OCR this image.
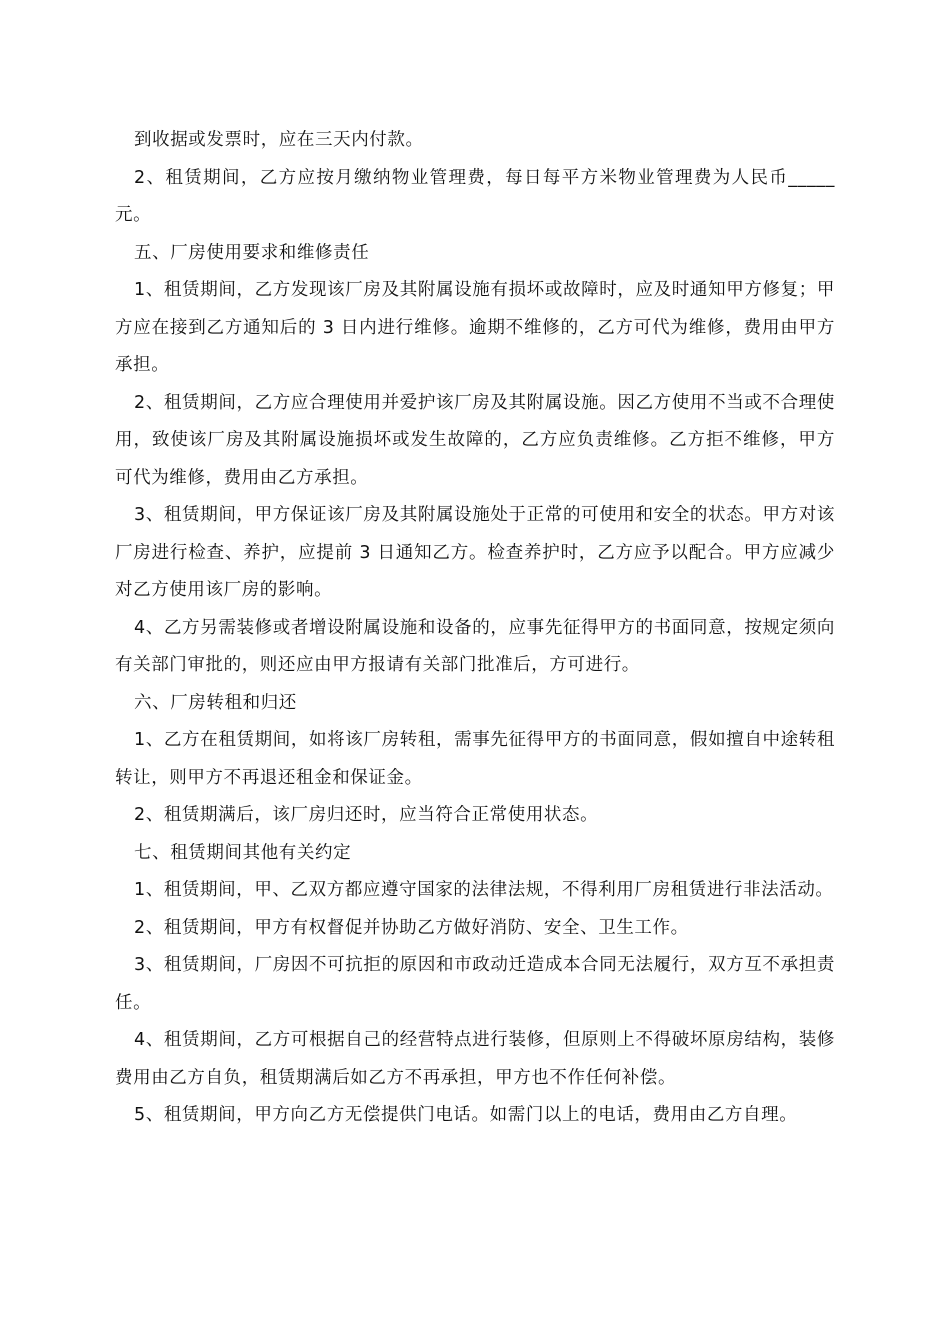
到收据或发票时，应在三天内付款。

2、租赁期间，乙方应按月缴纳物业管理费，每日每平方米物业管理费为人民币_____元。

五、厂房使用要求和维修责任

1、租赁期间，乙方发现该厂房及其附属设施有损坏或故障时，应及时通知甲方修复；甲方应在接到乙方通知后的 3 日内进行维修。逾期不维修的，乙方可代为维修，费用由甲方承担。

2、租赁期间，乙方应合理使用并爱护该厂房及其附属设施。因乙方使用不当或不合理使用，致使该厂房及其附属设施损坏或发生故障的，乙方应负责维修。乙方拒不维修，甲方可代为维修，费用由乙方承担。

3、租赁期间，甲方保证该厂房及其附属设施处于正常的可使用和安全的状态。甲方对该厂房进行检查、养护，应提前 3 日通知乙方。检查养护时，乙方应予以配合。甲方应减少对乙方使用该厂房的影响。

4、乙方另需装修或者增设附属设施和设备的，应事先征得甲方的书面同意，按规定须向有关部门审批的，则还应由甲方报请有关部门批准后，方可进行。

六、厂房转租和归还

1、乙方在租赁期间，如将该厂房转租，需事先征得甲方的书面同意，假如擅自中途转租转让，则甲方不再退还租金和保证金。

2、租赁期满后，该厂房归还时，应当符合正常使用状态。

七、租赁期间其他有关约定

1、租赁期间，甲、乙双方都应遵守国家的法律法规，不得利用厂房租赁进行非法活动。

2、租赁期间，甲方有权督促并协助乙方做好消防、安全、卫生工作。

3、租赁期间，厂房因不可抗拒的原因和市政动迁造成本合同无法履行，双方互不承担责任。

4、租赁期间，乙方可根据自己的经营特点进行装修，但原则上不得破坏原房结构，装修费用由乙方自负，租赁期满后如乙方不再承担，甲方也不作任何补偿。

5、租赁期间，甲方向乙方无偿提供门电话。如需门以上的电话，费用由乙方自理。
